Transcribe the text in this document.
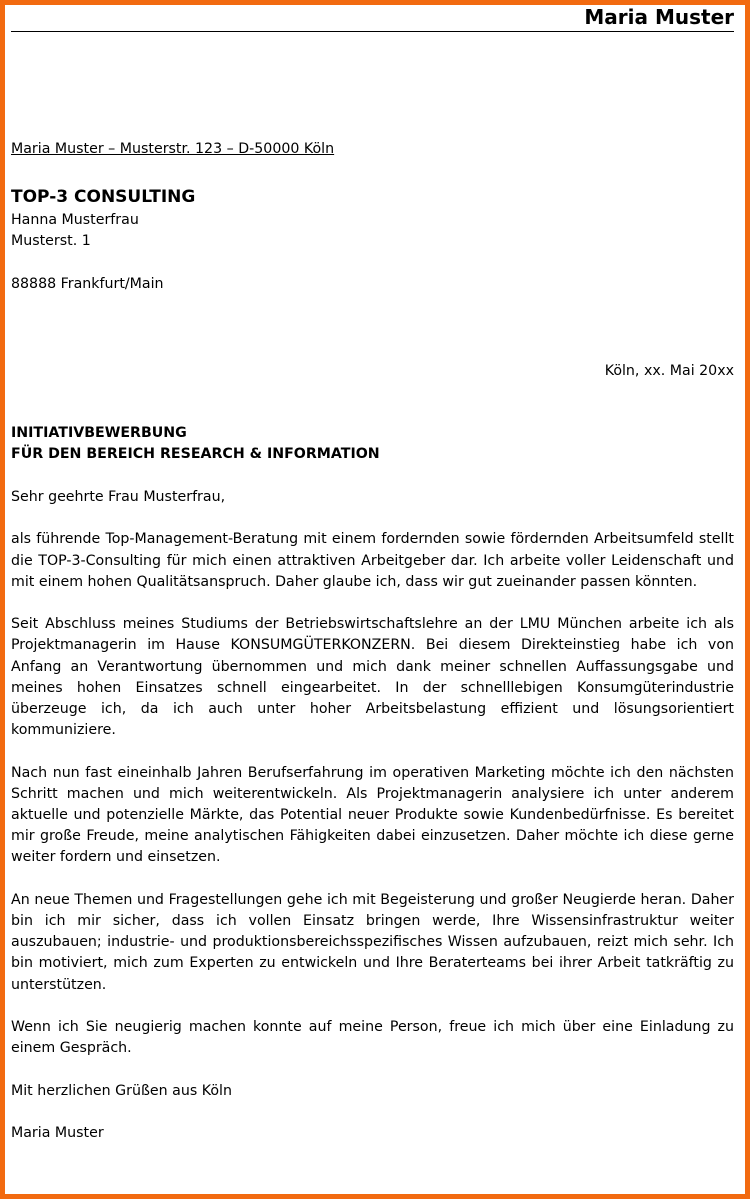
Maria Muster
Maria Muster – Musterstr. 123 – D-50000 Köln
TOP-3 CONSULTING
Hanna Musterfrau
Musterst. 1
88888 Frankfurt/Main
Köln, xx. Mai 20xx
INITIATIVBEWERBUNG
FÜR DEN BEREICH RESEARCH & INFORMATION

Sehr geehrte Frau Musterfrau,

als führende Top-Management-Beratung mit einem fordernden sowie fördernden Arbeitsumfeld stellt die TOP-3-Consulting für mich einen attraktiven Arbeitgeber dar. Ich arbeite voller Leidenschaft und mit einem hohen Qualitätsanspruch. Daher glaube ich, dass wir gut zueinander passen könnten.

Seit Abschluss meines Studiums der Betriebswirtschaftslehre an der LMU München arbeite ich als Projektmanagerin im Hause KONSUMGÜTERKONZERN. Bei diesem Direkteinstieg habe ich von Anfang an Verantwortung übernommen und mich dank meiner schnellen Auffassungsgabe und meines hohen Einsatzes schnell eingearbeitet. In der schnelllebigen Konsumgüterindustrie überzeuge ich, da ich auch unter hoher Arbeitsbelastung effizient und lösungsorientiert kommuniziere.

Nach nun fast eineinhalb Jahren Berufserfahrung im operativen Marketing möchte ich den nächsten Schritt machen und mich weiterentwickeln. Als Projektmanagerin analysiere ich unter anderem aktuelle und potenzielle Märkte, das Potential neuer Produkte sowie Kundenbedürfnisse. Es bereitet mir große Freude, meine analytischen Fähigkeiten dabei einzusetzen. Daher möchte ich diese gerne weiter fordern und einsetzen.

An neue Themen und Fragestellungen gehe ich mit Begeisterung und großer Neugierde heran. Daher bin ich mir sicher, dass ich vollen Einsatz bringen werde, Ihre Wissensinfrastruktur weiter auszubauen; industrie- und produktionsbereichsspezifisches Wissen aufzubauen, reizt mich sehr. Ich bin motiviert, mich zum Experten zu entwickeln und Ihre Beraterteams bei ihrer Arbeit tatkräftig zu unterstützen.

Wenn ich Sie neugierig machen konnte auf meine Person, freue ich mich über eine Einladung zu einem Gespräch.

Mit herzlichen Grüßen aus Köln

Maria Muster
